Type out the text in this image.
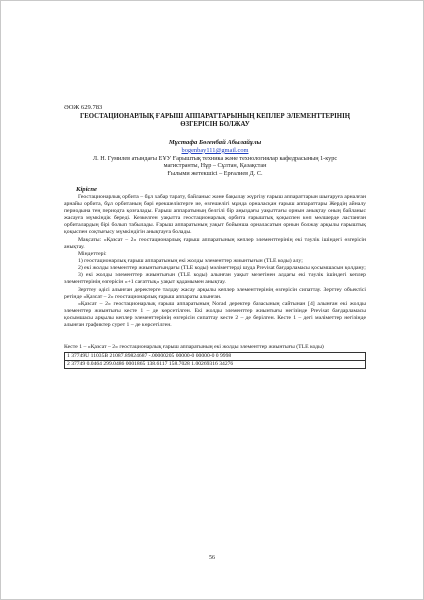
ӘОЖ 629.783
ГЕОСТАЦИОНАРЛЫҚ ҒАРЫШ АППАРАТТАРЫНЫҢ КЕПЛЕР ЭЛЕМЕНТТЕРІНІҢ
ӨЗГЕРІСІН БОЛЖАУ
Мұстафа Бөгенбай Абылайұлы
bogenbay111@gmail.com
Л. Н. Гумилев атындағы ЕҰУ Ғарыштық техника және технологиялар кафедрасының 1-курс
магистранты, Нұр – Сұлтан, Қазақстан
Ғылыми жетекшісі – Ерғалиев Д. С.
Кіріспе

Геостационарлық орбита – бұл хабар тарату, байланыс және бақылау жүргізу ғарыш аппараттарын шығаруға арналған арнайы орбита, бұл орбитаның бәрі ерекшеліктерге ие, өзгешелігі мұнда орналасқан ғарыш аппараттары Жердің айналу периодына тең периодта қозғалады. Ғарыш аппаратының белгілі бір аңыздағы уақыттағы орнын анықтау оның байланыс жасауға мүмкіндік береді. Кезкелген уақытта геостационарлық орбита ғарыштық қоқыспен көп мөлшерде ластанған орбиталардың бірі болып табылады. Ғарыш аппаратының уақыт бойынша орналасатын орнын болжау арқылы ғарыштық қоқыспен соқтығысу мүмкіндігін анықтауға болады.

Мақсаты: «Қазсат – 2» геостационарлық ғарыш аппаратының кеплер элементтерінің екі тәулік ішіндегі өзгерісін анықтау.

Міндеттері:

1) геостационарлық ғарыш аппаратының екі жолды элементтер жиынтығын (TLE коды) алу;

2) екі жолды элементтер жиынтығындағы (TLE коды) мәліметтерді шуда Previsat бағдарламасы қосымшасын қолдану;

3) екі жолды элементтер жиынтығын (TLE коды) алынған уақыт мезетінен алдағы екі тәулік ішіндегі кеплер элементтерінің өзгерісін «+1 сағаттық» уақыт қадамымен анықтау.

Зерттеу әдісі алынған деректерге талдау жасау арқылы кеплер элементтерінің өзгерісін сипаттау. Зерттеу объектісі ретінде «Қазсат – 2» геостационарлық ғарыш аппараты алынған.

«Қазсат – 2» геостационарлық ғарыш аппаратының Norad деректер базасының сайтынан [4] алынған екі жолды элементтер жиынтығы кесте 1 – де көрсетілген. Екі жолды элементтер жиынтығы негізінде Previsat бағдарламасы қосымшасы арқылы кеплер элементтерінің өзгерісін сипаттау кесте 2 – де берілген. Кесте 1 – дегі мәліметтер негізінде алынған графиктер сурет 1 – де көрсетілген.

Кесте 1 – «Қазсат – 2» геостационарлық ғарыш аппаратының екі жолды элементтер жиынтығы (TLE коды)
1 37749U 11035B 21087.89824687 -.00000205 00000-0 00000-0 0 9998
2 37749 0.0464 299.0486 0001865 138.6117 158.7028 1.00269316 34276
56
